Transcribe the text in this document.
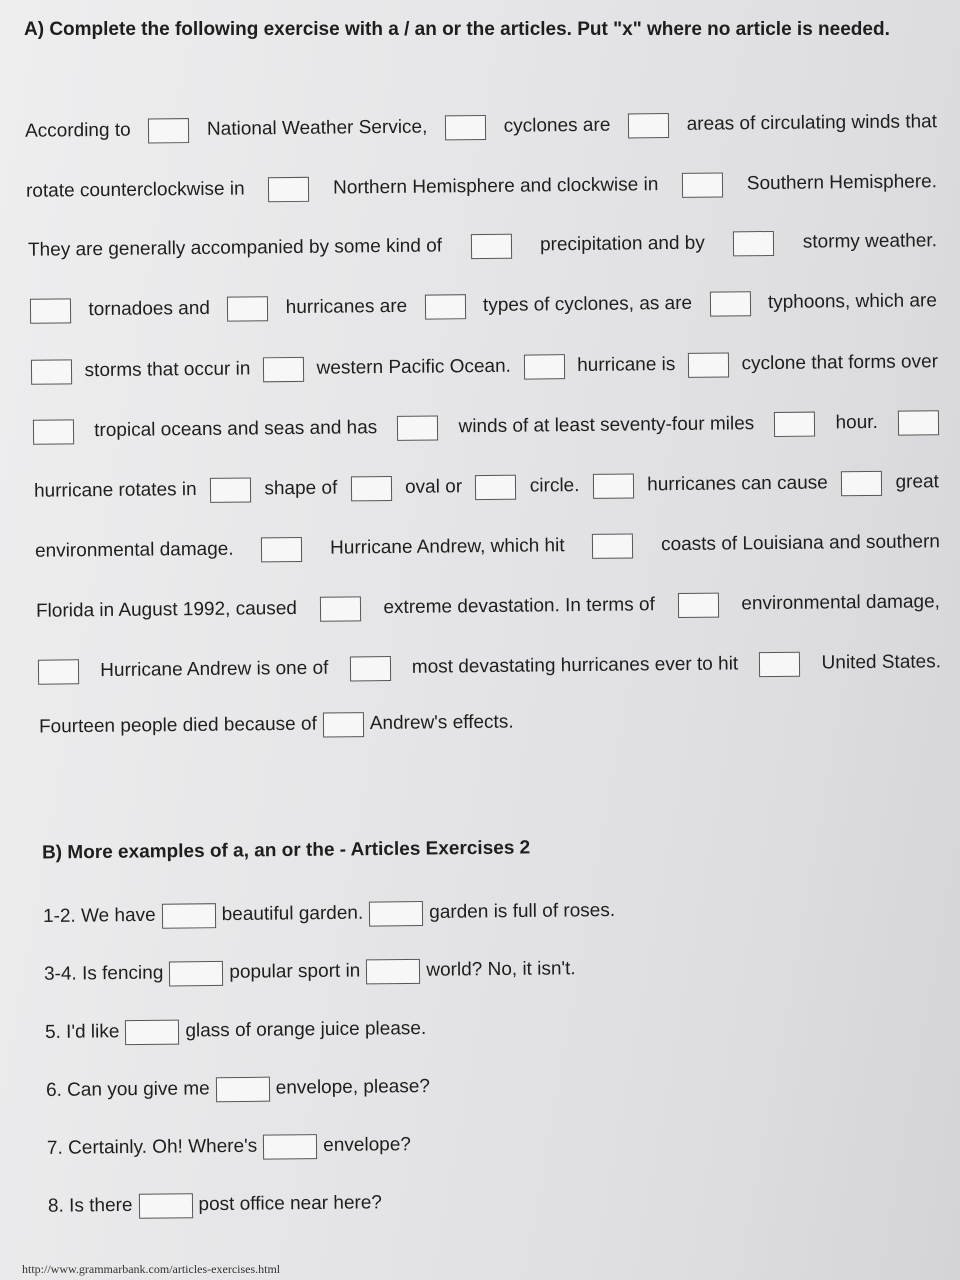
A) Complete the following exercise with a / an or the articles. Put "x" where no article is needed.
According to	National Weather Service,	cyclones are	areas of circulating winds that
rotate counterclockwise in	Northern Hemisphere and clockwise in	Southern Hemisphere.
They are generally accompanied by some kind of	precipitation and by	stormy weather.
tornadoes and	hurricanes are	types of cyclones, as are	typhoons, which are
storms that occur in	western Pacific Ocean.	hurricane is	cyclone that forms over
tropical oceans and seas and has	winds of at least seventy-four miles	hour.
hurricane rotates in	shape of	oval or	circle.	hurricanes can cause	great
environmental damage.	Hurricane Andrew, which hit	coasts of Louisiana and southern
Florida in August 1992, caused	extreme devastation. In terms of	environmental damage,
Hurricane Andrew is one of	most devastating hurricanes ever to hit	United States.
Fourteen people died because of	Andrew's effects.
B) More examples of a, an or the - Articles Exercises 2
1-2. We have	beautiful garden.	garden is full of roses.
3-4. Is fencing	popular sport in	world? No, it isn't.
5. I'd like	glass of orange juice please.
6. Can you give me	envelope, please?
7. Certainly. Oh! Where's	envelope?
8. Is there	post office near here?
http://www.grammarbank.com/articles-exercises.html
